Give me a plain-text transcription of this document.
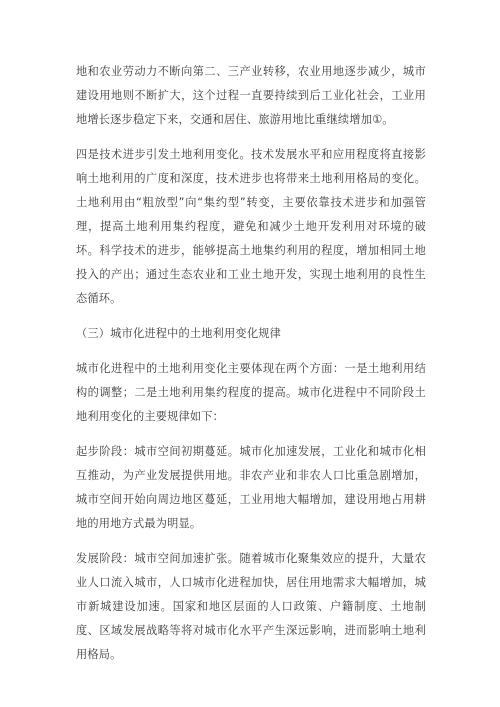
地和农业劳动力不断向第二、三产业转移，农业用地逐步减少，城市建设用地则不断扩大，这个过程一直要持续到后工业化社会，工业用地增长逐步稳定下来，交通和居住、旅游用地比重继续增加①。

四是技术进步引发土地利用变化。技术发展水平和应用程度将直接影响土地利用的广度和深度，技术进步也将带来土地利用格局的变化。土地利用由“粗放型”向“集约型”转变，主要依靠技术进步和加强管理，提高土地利用集约程度，避免和减少土地开发利用对环境的破坏。科学技术的进步，能够提高土地集约利用的程度，增加相同土地投入的产出；通过生态农业和工业土地开发，实现土地利用的良性生态循环。

（三）城市化进程中的土地利用变化规律

城市化进程中的土地利用变化主要体现在两个方面：一是土地利用结构的调整；二是土地利用集约程度的提高。城市化进程中不同阶段土地利用变化的主要规律如下：

起步阶段：城市空间初期蔓延。城市化加速发展，工业化和城市化相互推动，为产业发展提供用地。非农产业和非农人口比重急剧增加，城市空间开始向周边地区蔓延，工业用地大幅增加，建设用地占用耕地的用地方式最为明显。

发展阶段：城市空间加速扩张。随着城市化聚集效应的提升，大量农业人口流入城市，人口城市化进程加快，居住用地需求大幅增加，城市新城建设加速。国家和地区层面的人口政策、户籍制度、土地制度、区域发展战略等将对城市化水平产生深远影响，进而影响土地利用格局。
